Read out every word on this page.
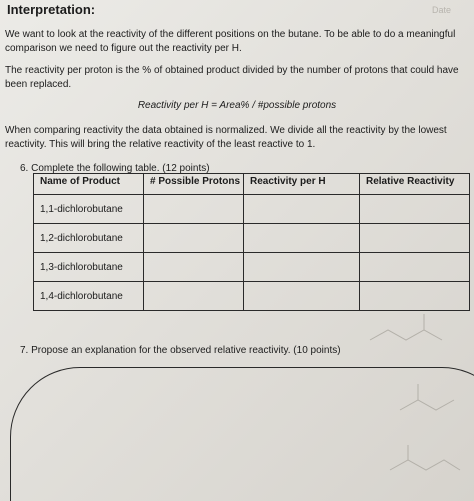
Date
Interpretation:
We want to look at the reactivity of the different positions on the butane. To be able to do a meaningful comparison we need to figure out the reactivity per H.
The reactivity per proton is the % of obtained product divided by the number of protons that could have been replaced.
Reactivity per H = Area% / #possible protons
When comparing reactivity the data obtained is normalized. We divide all the reactivity by the lowest reactivity. This will bring the relative reactivity of the least reactive to 1.
6. Complete the following table. (12 points)
Name of Product	# Possible Protons	Reactivity per H	Relative Reactivity
1,1-dichlorobutane			
1,2-dichlorobutane			
1,3-dichlorobutane			
1,4-dichlorobutane			
7. Propose an explanation for the observed relative reactivity. (10 points)
